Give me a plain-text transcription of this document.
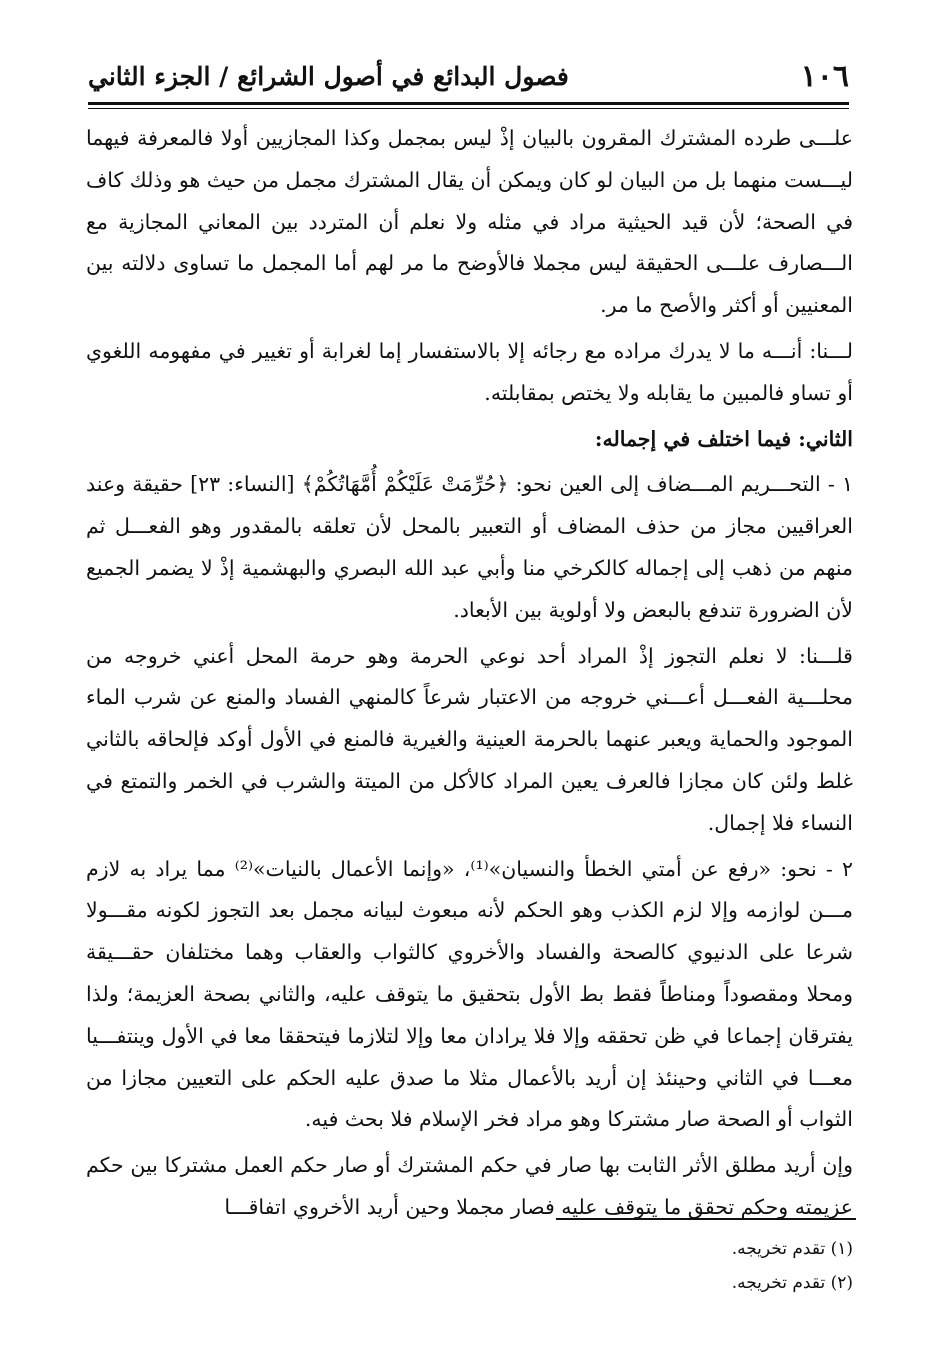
١٠٦
فصول البدائع في أصول الشرائع / الجزء الثاني

علـــى طرده المشترك المقرون بالبيان إذْ ليس بمجمل وكذا المجازيين أولا فالمعرفة فيهما ليـــست منهما بل من البيان لو كان ويمكن أن يقال المشترك مجمل من حيث هو وذلك كاف في الصحة؛ لأن قيد الحيثية مراد في مثله ولا نعلم أن المتردد بين المعاني المجازية مع الـــصارف علـــى الحقيقة ليس مجملا فالأوضح ما مر لهم أما المجمل ما تساوى دلالته بين المعنيين أو أكثر والأصح ما مر.

لـــنا: أنـــه ما لا يدرك مراده مع رجائه إلا بالاستفسار إما لغرابة أو تغيير في مفهومه اللغوي أو تساو فالمبين ما يقابله ولا يختص بمقابلته.

الثاني: فيما اختلف في إجماله:

١ - التحـــريم المـــضاف إلى العين نحو: ﴿حُرِّمَتْ عَلَيْكُمْ أُمَّهَاتُكُمْ﴾ [النساء: ٢٣] حقيقة وعند العراقيين مجاز من حذف المضاف أو التعبير بالمحل لأن تعلقه بالمقدور وهو الفعـــل ثم منهم من ذهب إلى إجماله كالكرخي منا وأبي عبد الله البصري والبهشمية إذْ لا يضمر الجميع لأن الضرورة تندفع بالبعض ولا أولوية بين الأبعاد.

قلـــنا: لا نعلم التجوز إذْ المراد أحد نوعي الحرمة وهو حرمة المحل أعني خروجه من محلـــية الفعـــل أعـــني خروجه من الاعتبار شرعاً كالمنهي الفساد والمنع عن شرب الماء الموجود والحماية ويعبر عنهما بالحرمة العينية والغيرية فالمنع في الأول أوكد فإلحاقه بالثاني غلط ولئن كان مجازا فالعرف يعين المراد كالأكل من الميتة والشرب في الخمر والتمتع في النساء فلا إجمال.

٢ - نحو: «رفع عن أمتي الخطأ والنسيان»⁽¹⁾، «وإنما الأعمال بالنيات»⁽²⁾ مما يراد به لازم مـــن لوازمه وإلا لزم الكذب وهو الحكم لأنه مبعوث لبيانه مجمل بعد التجوز لكونه مقـــولا شرعا على الدنيوي كالصحة والفساد والأخروي كالثواب والعقاب وهما مختلفان حقـــيقة ومحلا ومقصوداً ومناطاً فقط بط الأول بتحقيق ما يتوقف عليه، والثاني بصحة العزيمة؛ ولذا يفترقان إجماعا في ظن تحققه وإلا فلا يرادان معا وإلا لتلازما فيتحققا معا في الأول وينتفـــيا معـــا في الثاني وحينئذ إن أريد بالأعمال مثلا ما صدق عليه الحكم على التعيين مجازا من الثواب أو الصحة صار مشتركا وهو مراد فخر الإسلام فلا بحث فيه.

وإن أريد مطلق الأثر الثابت بها صار في حكم المشترك أو صار حكم العمل مشتركا بين حكم عزيمته وحكم تحقق ما يتوقف عليه فصار مجملا وحين أريد الأخروي اتفاقـــا

(١) تقدم تخريجه.
(٢) تقدم تخريجه.
